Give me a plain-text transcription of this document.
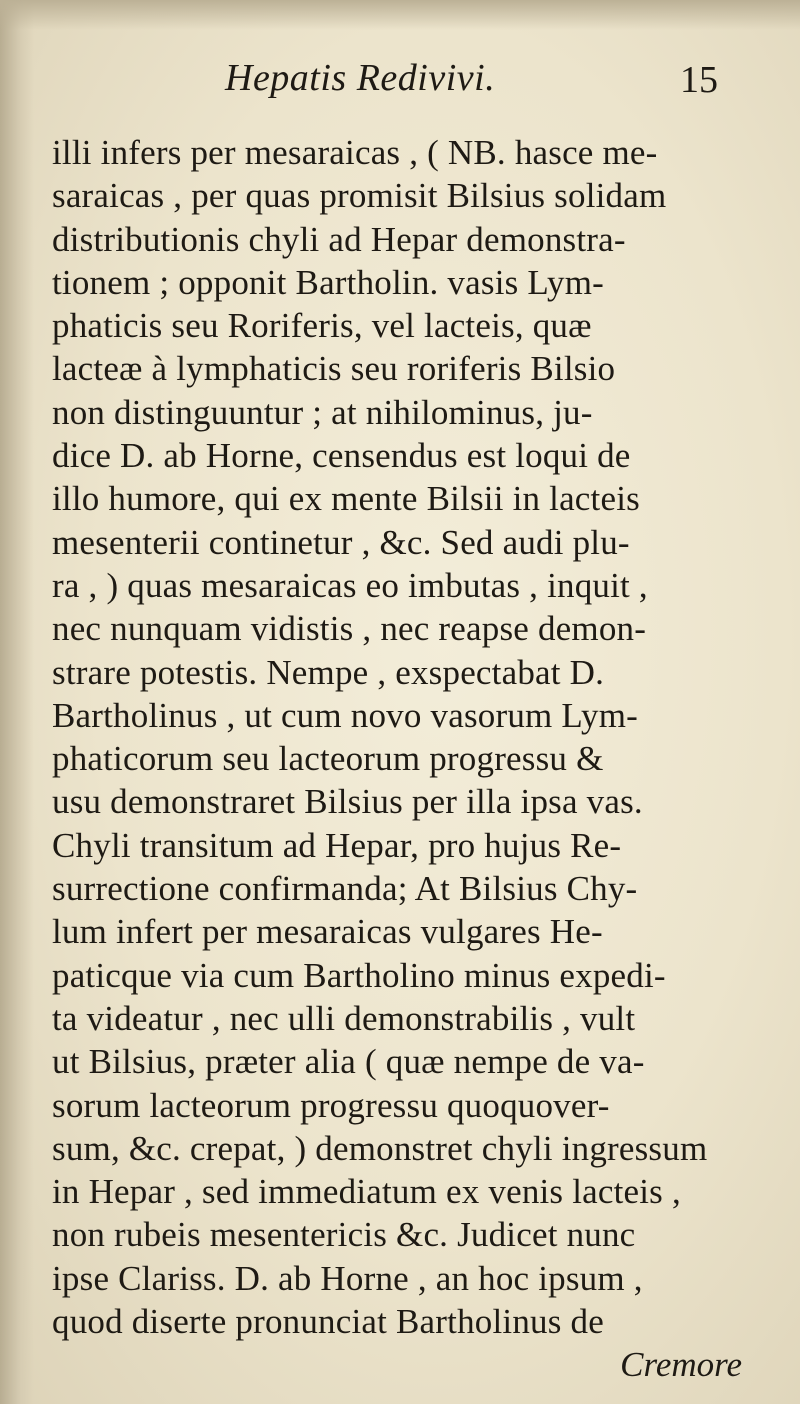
Hepatis Redivivi.	15
illi infers per mesaraicas , ( NB. hasce me-
saraicas , per quas promisit Bilsius solidam
distributionis chyli ad Hepar demonstra-
tionem ; opponit Bartholin. vasis Lym-
phaticis seu Roriferis, vel lacteis, quæ
lacteæ à lymphaticis seu roriferis Bilsio
non distinguuntur ; at nihilominus, ju-
dice D. ab Horne, censendus est loqui de
illo humore, qui ex mente Bilsii in lacteis
mesenterii continetur , &c. Sed audi plu-
ra , ) quas mesaraicas eo imbutas , inquit ,
nec nunquam vidistis , nec reapse demon-
strare potestis. Nempe , exspectabat D.
Bartholinus , ut cum novo vasorum Lym-
phaticorum seu lacteorum progressu &
usu demonstraret Bilsius per illa ipsa vas.
Chyli transitum ad Hepar, pro hujus Re-
surrectione confirmanda; At Bilsius Chy-
lum infert per mesaraicas vulgares He-
paticque via cum Bartholino minus expedi-
ta videatur , nec ulli demonstrabilis , vult
ut Bilsius, præter alia ( quæ nempe de va-
sorum lacteorum progressu quoquover-
sum, &c. crepat, ) demonstret chyli ingressum
in Hepar , sed immediatum ex venis lacteis ,
non rubeis mesentericis &c. Judicet nunc
ipse Clariss. D. ab Horne , an hoc ipsum ,
quod diserte pronunciat Bartholinus de
Cremore
